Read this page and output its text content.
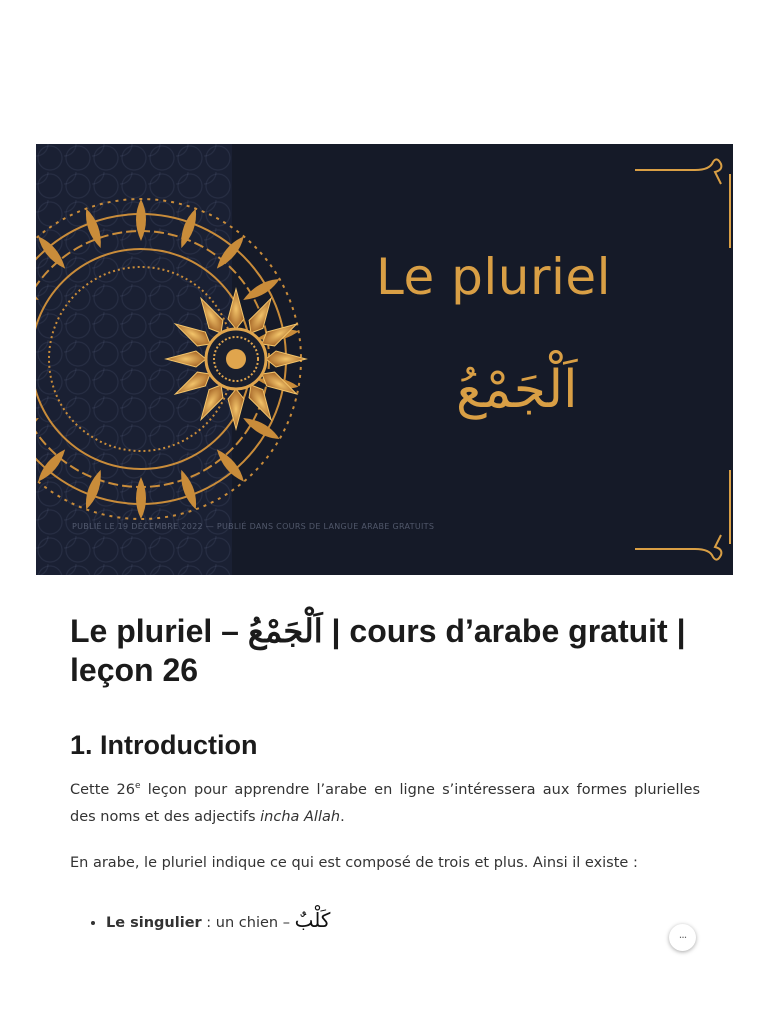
Le pluriel
اَلْجَمْعُ
PUBLIÉ LE 19 DÉCEMBRE 2022 — PUBLIÉ DANS COURS DE LANGUE ARABE GRATUITS
Le pluriel – اَلْجَمْعُ | cours d’arabe gratuit | leçon 26
1. Introduction

Cette 26e leçon pour apprendre l’arabe en ligne s’intéressera aux formes plurielles des noms et des adjectifs incha Allah.

En arabe, le pluriel indique ce qui est composé de trois et plus. Ainsi il existe :

• Le singulier : un chien – كَلْبٌ
···
